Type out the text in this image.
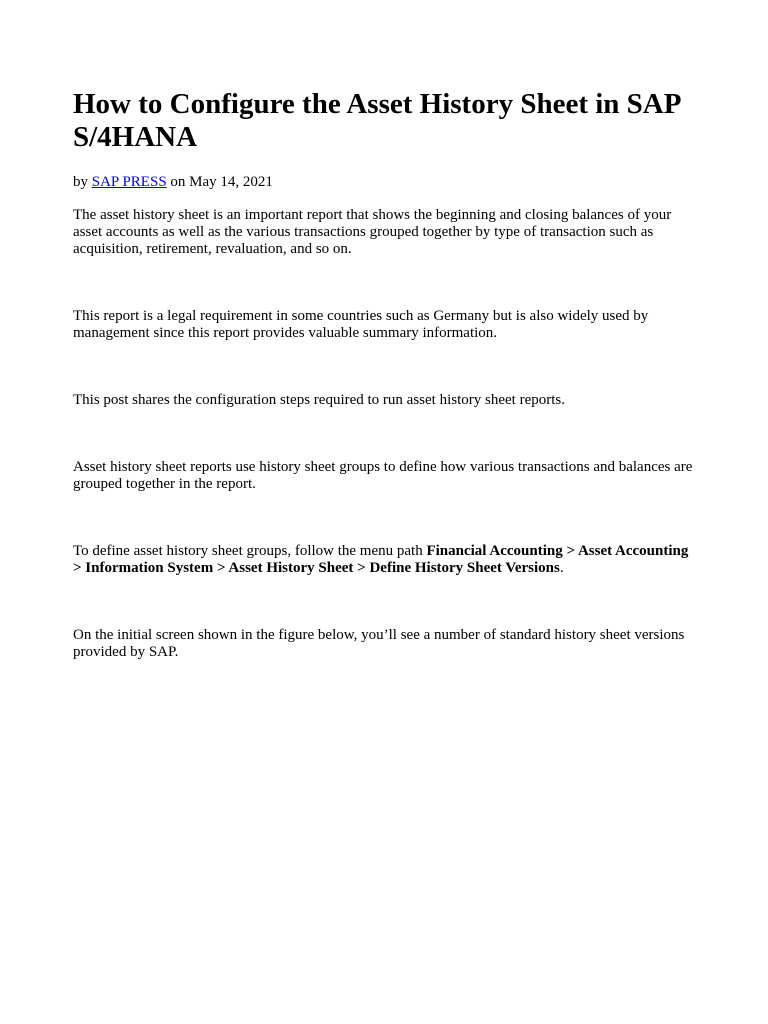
How to Configure the Asset History Sheet in SAP S/4HANA
by SAP PRESS on May 14, 2021

The asset history sheet is an important report that shows the beginning and closing balances of your asset accounts as well as the various transactions grouped together by type of transaction such as acquisition, retirement, revaluation, and so on.

This report is a legal requirement in some countries such as Germany but is also widely used by management since this report provides valuable summary information.

This post shares the configuration steps required to run asset history sheet reports.

Asset history sheet reports use history sheet groups to define how various transactions and balances are grouped together in the report.

To define asset history sheet groups, follow the menu path Financial Accounting > Asset Accounting > Information System > Asset History Sheet > Define History Sheet Versions.

On the initial screen shown in the figure below, you’ll see a number of standard history sheet versions provided by SAP.
